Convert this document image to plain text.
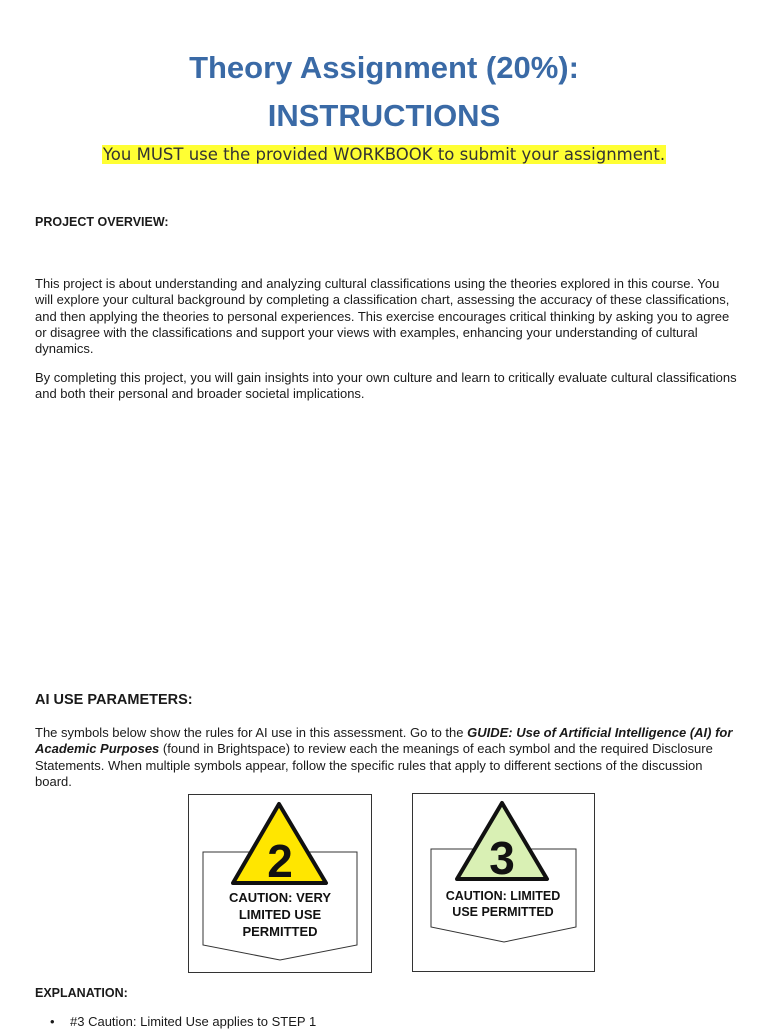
Theory Assignment (20%):
INSTRUCTIONS
You MUST use the provided WORKBOOK to submit your assignment.
PROJECT OVERVIEW:
This project is about understanding and analyzing cultural classifications using the theories explored in this course. You will explore your cultural background by completing a classification chart, assessing the accuracy of these classifications, and then applying the theories to personal experiences. This exercise encourages critical thinking by asking you to agree or disagree with the classifications and support your views with examples, enhancing your understanding of cultural dynamics.
By completing this project, you will gain insights into your own culture and learn to critically evaluate cultural classifications and both their personal and broader societal implications.
AI USE PARAMETERS:
The symbols below show the rules for AI use in this assessment. Go to the GUIDE: Use of Artificial Intelligence (AI) for Academic Purposes (found in Brightspace) to review each the meanings of each symbol and the required Disclosure Statements. When multiple symbols appear, follow the specific rules that apply to different sections of the discussion board.
2
CAUTION: VERY
LIMITED USE
PERMITTED
3
CAUTION: LIMITED
USE PERMITTED
EXPLANATION:
• #3 Caution: Limited Use applies to STEP 1
